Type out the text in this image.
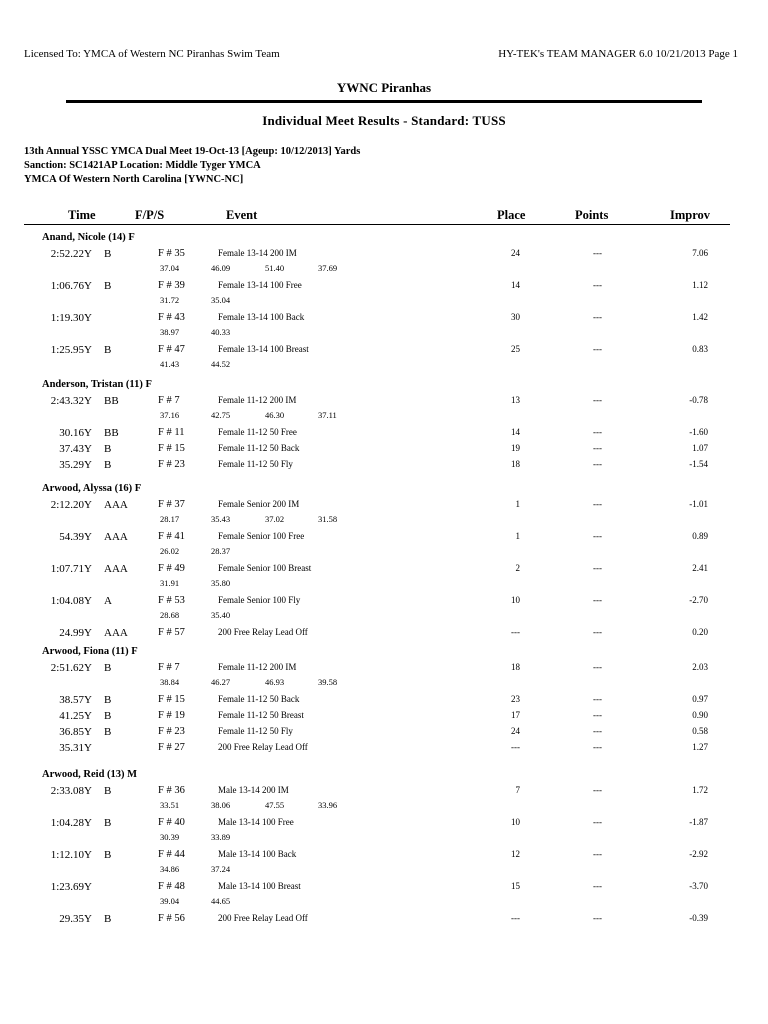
Licensed To: YMCA of Western NC Piranhas Swim Team	HY-TEK's TEAM MANAGER 6.0 10/21/2013 Page 1
YWNC Piranhas
Individual Meet Results - Standard: TUSS
13th Annual YSSC YMCA Dual Meet 19-Oct-13 [Ageup: 10/12/2013] Yards
Sanction: SC1421AP Location: Middle Tyger YMCA
YMCA Of Western North Carolina [YWNC-NC]
Time	F/P/S	Event	Place	Points	Improv
Anand, Nicole (14) F
2:52.22Y B	F # 35	Female 13-14 200 IM	24	---	7.06
37.04	46.09	51.40	37.69
1:06.76Y B	F # 39	Female 13-14 100 Free	14	---	1.12
31.72	35.04
1:19.30Y	F # 43	Female 13-14 100 Back	30	---	1.42
38.97	40.33
1:25.95Y B	F # 47	Female 13-14 100 Breast	25	---	0.83
41.43	44.52
Anderson, Tristan (11) F
2:43.32Y BB	F # 7	Female 11-12 200 IM	13	---	-0.78
37.16	42.75	46.30	37.11
30.16Y BB	F # 11	Female 11-12 50 Free	14	---	-1.60
37.43Y B	F # 15	Female 11-12 50 Back	19	---	1.07
35.29Y B	F # 23	Female 11-12 50 Fly	18	---	-1.54
Arwood, Alyssa (16) F
2:12.20Y AAA	F # 37	Female Senior 200 IM	1	---	-1.01
28.17	35.43	37.02	31.58
54.39Y AAA	F # 41	Female Senior 100 Free	1	---	0.89
26.02	28.37
1:07.71Y AAA	F # 49	Female Senior 100 Breast	2	---	2.41
31.91	35.80
1:04.08Y A	F # 53	Female Senior 100 Fly	10	---	-2.70
28.68	35.40
24.99Y AAA	F # 57	200 Free Relay Lead Off	---	---	0.20
Arwood, Fiona (11) F
2:51.62Y B	F # 7	Female 11-12 200 IM	18	---	2.03
38.84	46.27	46.93	39.58
38.57Y B	F # 15	Female 11-12 50 Back	23	---	0.97
41.25Y B	F # 19	Female 11-12 50 Breast	17	---	0.90
36.85Y B	F # 23	Female 11-12 50 Fly	24	---	0.58
35.31Y	F # 27	200 Free Relay Lead Off	---	---	1.27
Arwood, Reid (13) M
2:33.08Y B	F # 36	Male 13-14 200 IM	7	---	1.72
33.51	38.06	47.55	33.96
1:04.28Y B	F # 40	Male 13-14 100 Free	10	---	-1.87
30.39	33.89
1:12.10Y B	F # 44	Male 13-14 100 Back	12	---	-2.92
34.86	37.24
1:23.69Y	F # 48	Male 13-14 100 Breast	15	---	-3.70
39.04	44.65
29.35Y B	F # 56	200 Free Relay Lead Off	---	---	-0.39
